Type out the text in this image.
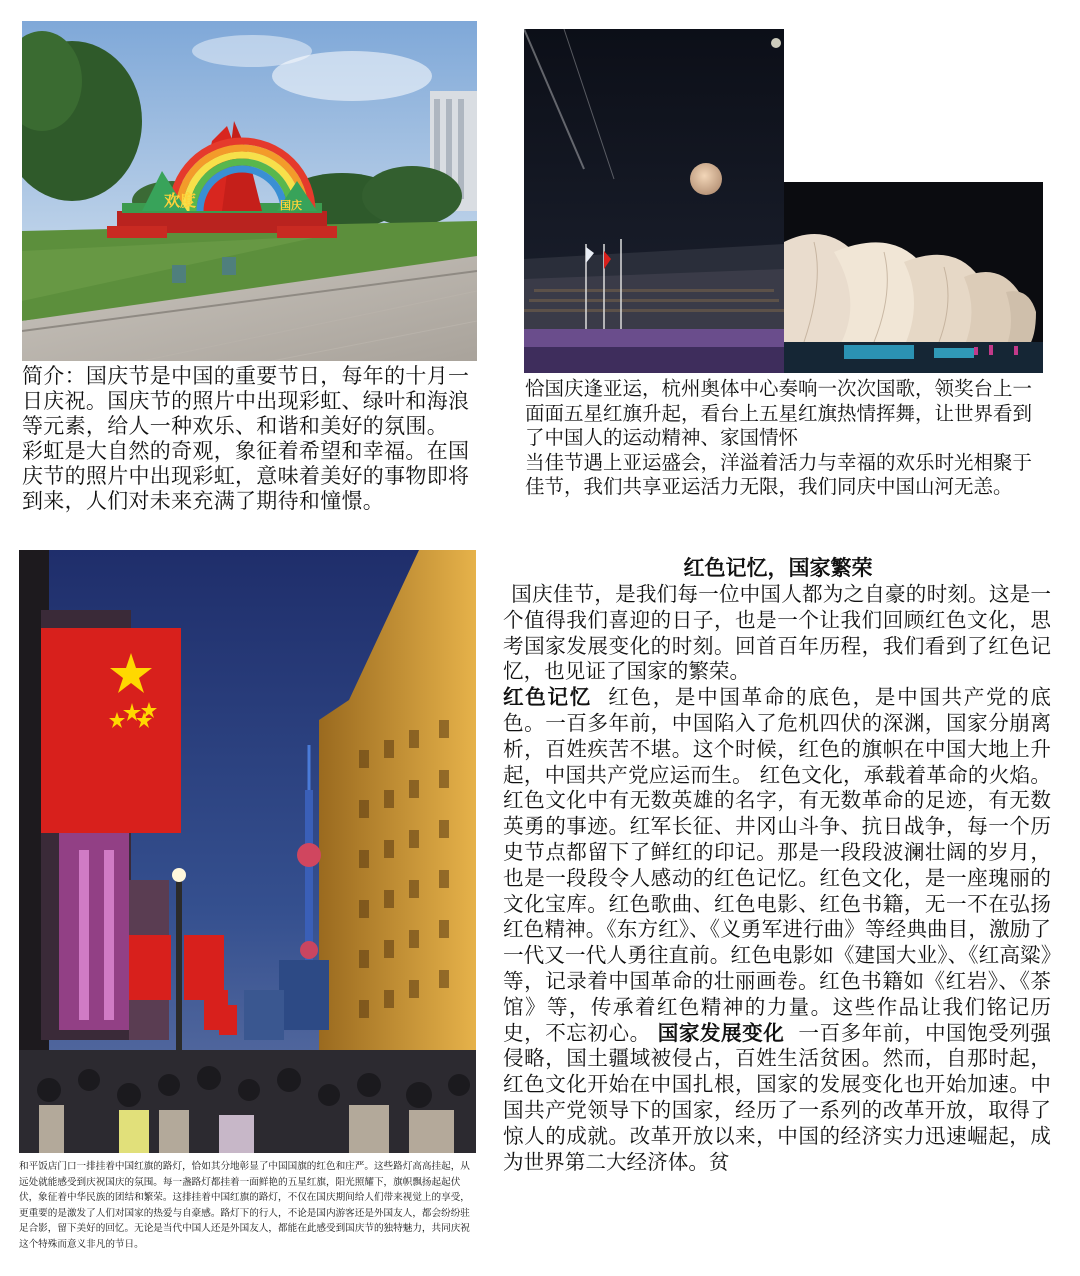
欢度	国庆

简介：国庆节是中国的重要节日，每年的十月一日庆祝。国庆节的照片中出现彩虹、绿叶和海浪等元素，给人一种欢乐、和谐和美好的氛围。

彩虹是大自然的奇观，象征着希望和幸福。在国庆节的照片中出现彩虹，意味着美好的事物即将到来，人们对未来充满了期待和憧憬。

恰国庆逢亚运，杭州奥体中心奏响一次次国歌，领奖台上一面面五星红旗升起，看台上五星红旗热情挥舞，让世界看到了中国人的运动精神、家国情怀

当佳节遇上亚运盛会，洋溢着活力与幸福的欢乐时光相聚于佳节，我们共享亚运活力无限，我们同庆中国山河无恙。

和平饭店门口一排挂着中国红旗的路灯，恰如其分地彰显了中国国旗的红色和庄严。这些路灯高高挂起，从远处就能感受到庆祝国庆的氛围。每一盏路灯都挂着一面鲜艳的五星红旗，阳光照耀下，旗帜飘扬起起伏伏，象征着中华民族的团结和繁荣。这排挂着中国红旗的路灯，不仅在国庆期间给人们带来视觉上的享受，更重要的是激发了人们对国家的热爱与自豪感。路灯下的行人，不论是国内游客还是外国友人，都会纷纷驻足合影，留下美好的回忆。无论是当代中国人还是外国友人，都能在此感受到国庆节的独特魅力，共同庆祝这个特殊而意义非凡的节日。

红色记忆，国家繁荣

国庆佳节，是我们每一位中国人都为之自豪的时刻。这是一个值得我们喜迎的日子，也是一个让我们回顾红色文化，思考国家发展变化的时刻。回首百年历程，我们看到了红色记忆，也见证了国家的繁荣。

红色记忆 红色，是中国革命的底色，是中国共产党的底色。一百多年前，中国陷入了危机四伏的深渊，国家分崩离析，百姓疾苦不堪。这个时候，红色的旗帜在中国大地上升起，中国共产党应运而生。 红色文化，承载着革命的火焰。红色文化中有无数英雄的名字，有无数革命的足迹，有无数英勇的事迹。红军长征、井冈山斗争、抗日战争，每一个历史节点都留下了鲜红的印记。那是一段段波澜壮阔的岁月，也是一段段令人感动的红色记忆。红色文化，是一座瑰丽的文化宝库。红色歌曲、红色电影、红色书籍，无一不在弘扬红色精神。《东方红》、《义勇军进行曲》等经典曲目，激励了一代又一代人勇往直前。红色电影如《建国大业》、《红高粱》等，记录着中国革命的壮丽画卷。红色书籍如《红岩》、《茶馆》等，传承着红色精神的力量。这些作品让我们铭记历史，不忘初心。 国家发展变化 一百多年前，中国饱受列强侵略，国土疆域被侵占，百姓生活贫困。然而，自那时起，红色文化开始在中国扎根，国家的发展变化也开始加速。中国共产党领导下的国家，经历了一系列的改革开放，取得了惊人的成就。改革开放以来，中国的经济实力迅速崛起，成为世界第二大经济体。贫
